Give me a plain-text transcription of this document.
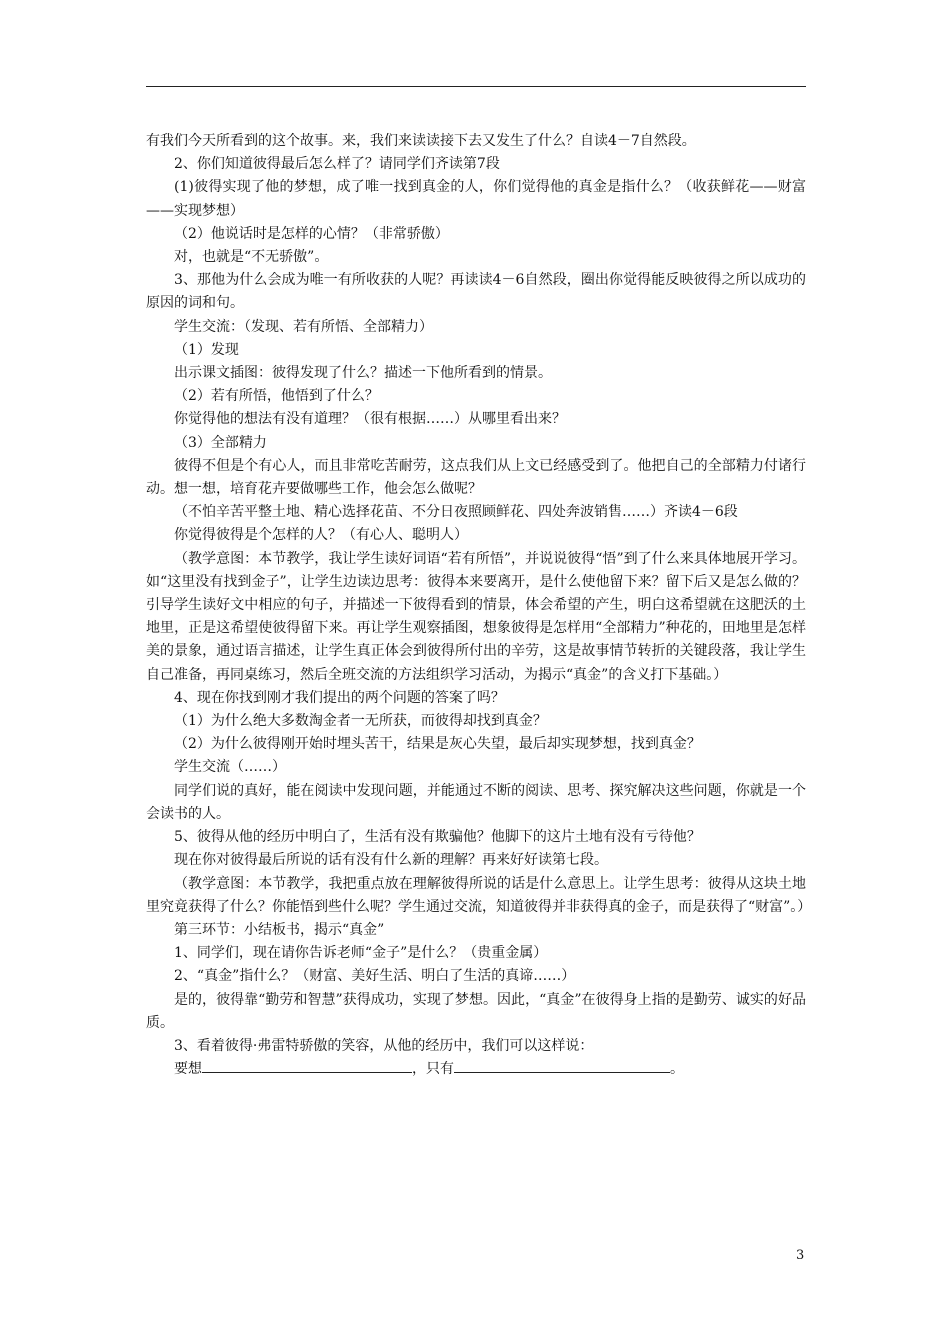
有我们今天所看到的这个故事。来，我们来读读接下去又发生了什么？自读4－7自然段。

2、你们知道彼得最后怎么样了？请同学们齐读第7段

(1)彼得实现了他的梦想，成了唯一找到真金的人，你们觉得他的真金是指什么？（收获鲜花——财富——实现梦想）

（2）他说话时是怎样的心情？（非常骄傲）

对，也就是“不无骄傲”。

3、那他为什么会成为唯一有所收获的人呢？再读读4－6自然段，圈出你觉得能反映彼得之所以成功的原因的词和句。

学生交流：（发现、若有所悟、全部精力）

（1）发现

出示课文插图：彼得发现了什么？描述一下他所看到的情景。

（2）若有所悟，他悟到了什么？

你觉得他的想法有没有道理？（很有根据……）从哪里看出来？

（3）全部精力

彼得不但是个有心人，而且非常吃苦耐劳，这点我们从上文已经感受到了。他把自己的全部精力付诸行动。想一想，培育花卉要做哪些工作，他会怎么做呢？

（不怕辛苦平整土地、精心选择花苗、不分日夜照顾鲜花、四处奔波销售……）齐读4－6段

你觉得彼得是个怎样的人？（有心人、聪明人）

（教学意图：本节教学，我让学生读好词语“若有所悟”，并说说彼得“悟”到了什么来具体地展开学习。如“这里没有找到金子”，让学生边读边思考：彼得本来要离开，是什么使他留下来？留下后又是怎么做的？引导学生读好文中相应的句子，并描述一下彼得看到的情景，体会希望的产生，明白这希望就在这肥沃的土地里，正是这希望使彼得留下来。再让学生观察插图，想象彼得是怎样用“全部精力”种花的，田地里是怎样美的景象，通过语言描述，让学生真正体会到彼得所付出的辛劳，这是故事情节转折的关键段落，我让学生自己准备，再同桌练习，然后全班交流的方法组织学习活动，为揭示“真金”的含义打下基础。）

4、现在你找到刚才我们提出的两个问题的答案了吗？

（1）为什么绝大多数淘金者一无所获，而彼得却找到真金？

（2）为什么彼得刚开始时埋头苦干，结果是灰心失望，最后却实现梦想，找到真金？

学生交流（……）

同学们说的真好，能在阅读中发现问题，并能通过不断的阅读、思考、探究解决这些问题，你就是一个会读书的人。

5、彼得从他的经历中明白了，生活有没有欺骗他？他脚下的这片土地有没有亏待他？

现在你对彼得最后所说的话有没有什么新的理解？再来好好读第七段。

（教学意图：本节教学，我把重点放在理解彼得所说的话是什么意思上。让学生思考：彼得从这块土地里究竟获得了什么？你能悟到些什么呢？学生通过交流，知道彼得并非获得真的金子，而是获得了“财富”。）

第三环节：小结板书，揭示“真金”

1、同学们，现在请你告诉老师“金子”是什么？（贵重金属）

2、“真金”指什么？（财富、美好生活、明白了生活的真谛……）

是的，彼得靠“勤劳和智慧”获得成功，实现了梦想。因此，“真金”在彼得身上指的是勤劳、诚实的好品质。

3、看着彼得·弗雷特骄傲的笑容，从他的经历中，我们可以这样说：

要想	，只有	。

3
